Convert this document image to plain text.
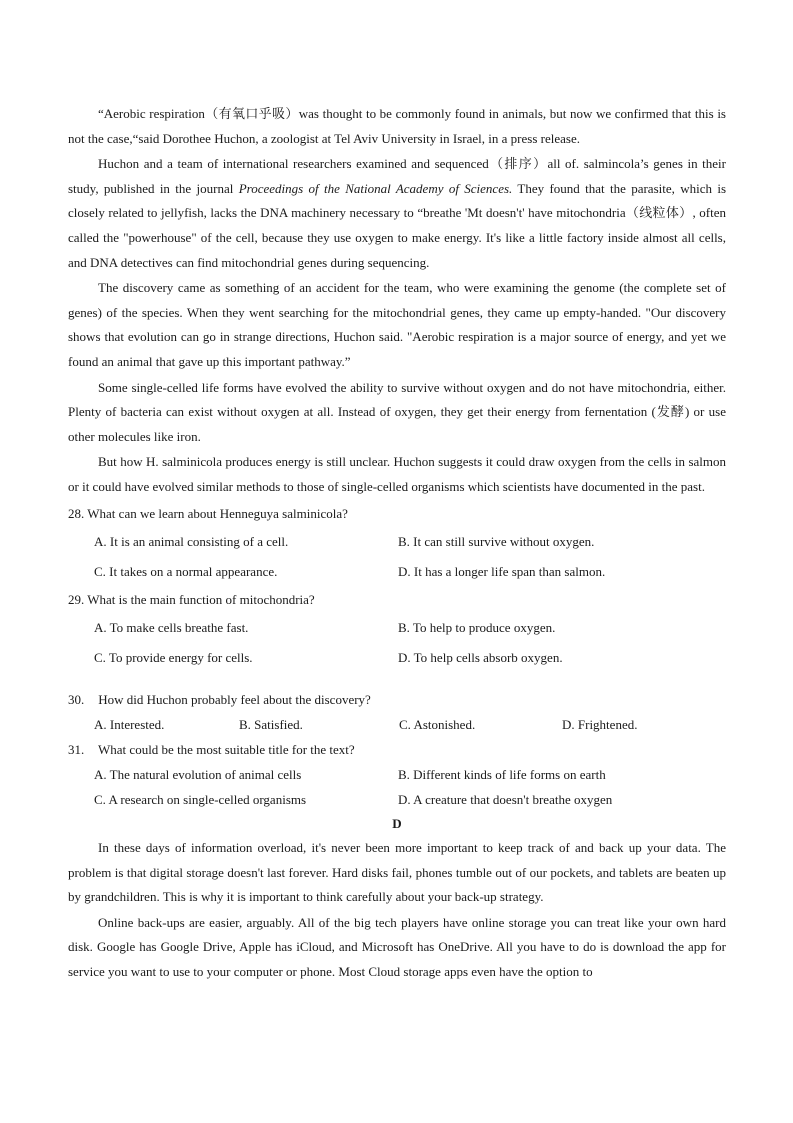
“Aerobic respiration（有氧口乎吸）was thought to be commonly found in animals, but now we confirmed that this is not the case,“said Dorothee Huchon, a zoologist at Tel Aviv University in Israel, in a press release.

Huchon and a team of international researchers examined and sequenced（排序）all of. salmincola’s genes in their study, published in the journal Proceedings of the National Academy of Sciences. They found that the parasite, which is closely related to jellyfish, lacks the DNA machinery necessary to “breathe 'Mt doesn't' have mitochondria（线粒体）, often called the "powerhouse" of the cell, because they use oxygen to make energy. It's like a little factory inside almost all cells, and DNA detectives can find mitochondrial genes during sequencing.

The discovery came as something of an accident for the team, who were examining the genome (the complete set of genes) of the species. When they went searching for the mitochondrial genes, they came up empty-handed. "Our discovery shows that evolution can go in strange directions, Huchon said. "Aerobic respiration is a major source of energy, and yet we found an animal that gave up this important pathway.”

Some single-celled life forms have evolved the ability to survive without oxygen and do not have mitochondria, either. Plenty of bacteria can exist without oxygen at all. Instead of oxygen, they get their energy from fernentation (发酵) or use other molecules like iron.

But how H. salminicola produces energy is still unclear. Huchon suggests it could draw oxygen from the cells in salmon or it could have evolved similar methods to those of single-celled organisms which scientists have documented in the past.

28. What can we learn about Henneguya salminicola?

A. It is an animal consisting of a cell.	B. It can still survive without oxygen.
C. It takes on a normal appearance.	D. It has a longer life span than salmon.

29. What is the main function of mitochondria?

A. To make cells breathe fast.	B. To help to produce oxygen.
C. To provide energy for cells.	D. To help cells absorb oxygen.

30. How did Huchon probably feel about the discovery?

A. Interested.	B. Satisfied.	C. Astonished.	D. Frightened.

31. What could be the most suitable title for the text?

A. The natural evolution of animal cells	B. Different kinds of life forms on earth
C. A research on single-celled organisms	D. A creature that doesn't breathe oxygen

D

In these days of information overload, it's never been more important to keep track of and back up your data. The problem is that digital storage doesn't last forever. Hard disks fail, phones tumble out of our pockets, and tablets are beaten up by grandchildren. This is why it is important to think carefully about your back-up strategy.

Online back-ups are easier, arguably. All of the big tech players have online storage you can treat like your own hard disk. Google has Google Drive, Apple has iCloud, and Microsoft has OneDrive. All you have to do is download the app for service you want to use to your computer or phone. Most Cloud storage apps even have the option to
